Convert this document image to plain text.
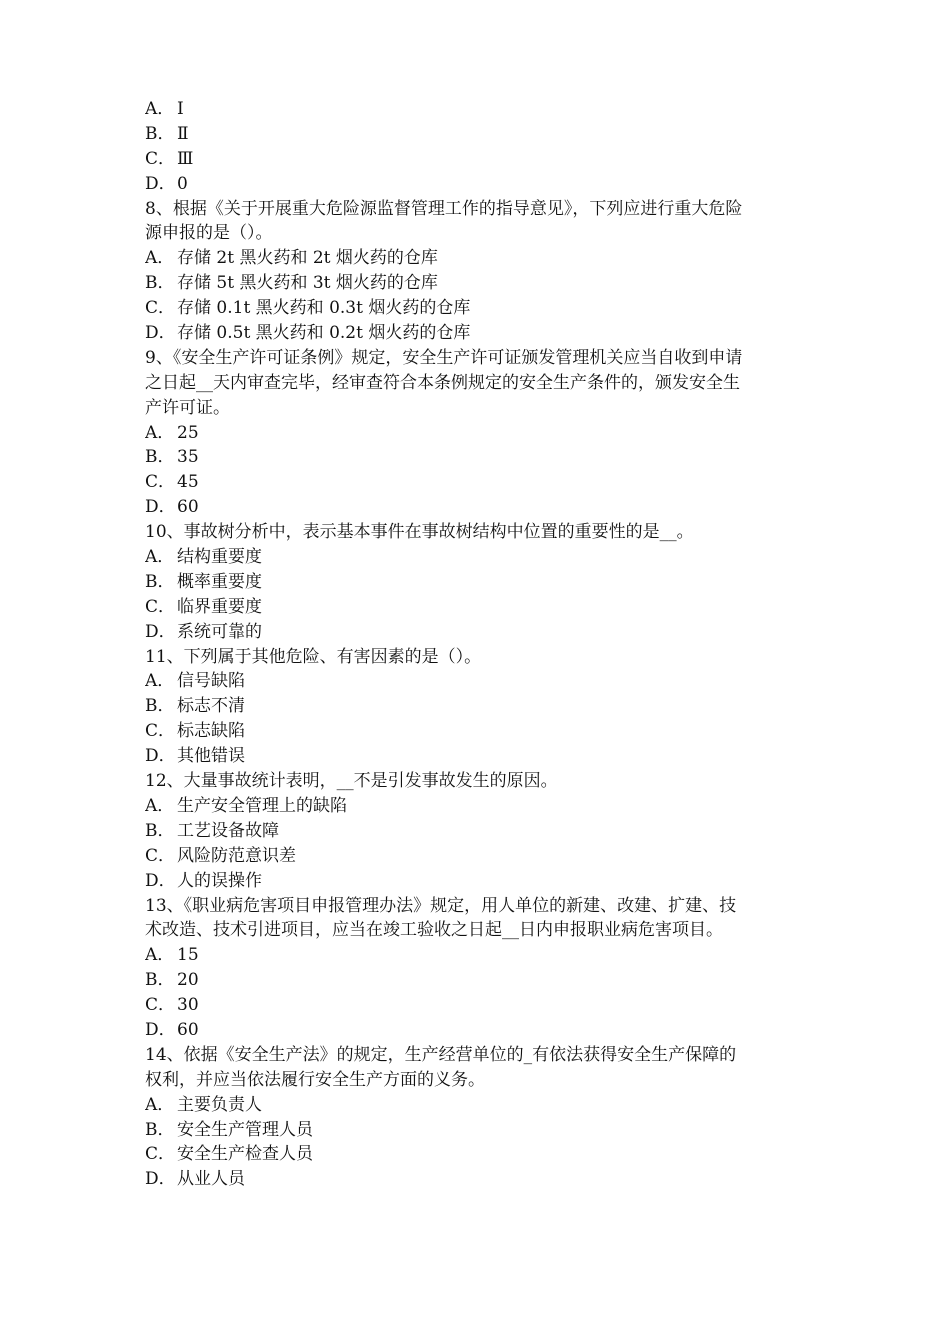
A． Ⅰ
B． Ⅱ
C． Ⅲ
D．0
8、根据《关于开展重大危险源监督管理工作的指导意见》，下列应进行重大危险
源申报的是（）。
A． 存储 2t 黑火药和 2t 烟火药的仓库
B． 存储 5t 黑火药和 3t 烟火药的仓库
C． 存储 0.1t 黑火药和 0.3t 烟火药的仓库
D．存储 0.5t 黑火药和 0.2t 烟火药的仓库
9、《安全生产许可证条例》规定，安全生产许可证颁发管理机关应当自收到申请
之日起__天内审查完毕，经审查符合本条例规定的安全生产条件的，颁发安全生
产许可证。
A． 25
B． 35
C． 45
D．60
10、事故树分析中，表示基本事件在事故树结构中位置的重要性的是__。
A． 结构重要度
B． 概率重要度
C． 临界重要度
D．系统可靠的
11、下列属于其他危险、有害因素的是（）。
A． 信号缺陷
B． 标志不清
C． 标志缺陷
D．其他错误
12、大量事故统计表明，__不是引发事故发生的原因。
A． 生产安全管理上的缺陷
B． 工艺设备故障
C． 风险防范意识差
D．人的误操作
13、《职业病危害项目申报管理办法》规定，用人单位的新建、改建、扩建、技
术改造、技术引进项目，应当在竣工验收之日起__日内申报职业病危害项目。
A． 15
B． 20
C． 30
D．60
14、依据《安全生产法》的规定，生产经营单位的_有依法获得安全生产保障的
权利，并应当依法履行安全生产方面的义务。
A． 主要负责人
B． 安全生产管理人员
C． 安全生产检查人员
D．从业人员
